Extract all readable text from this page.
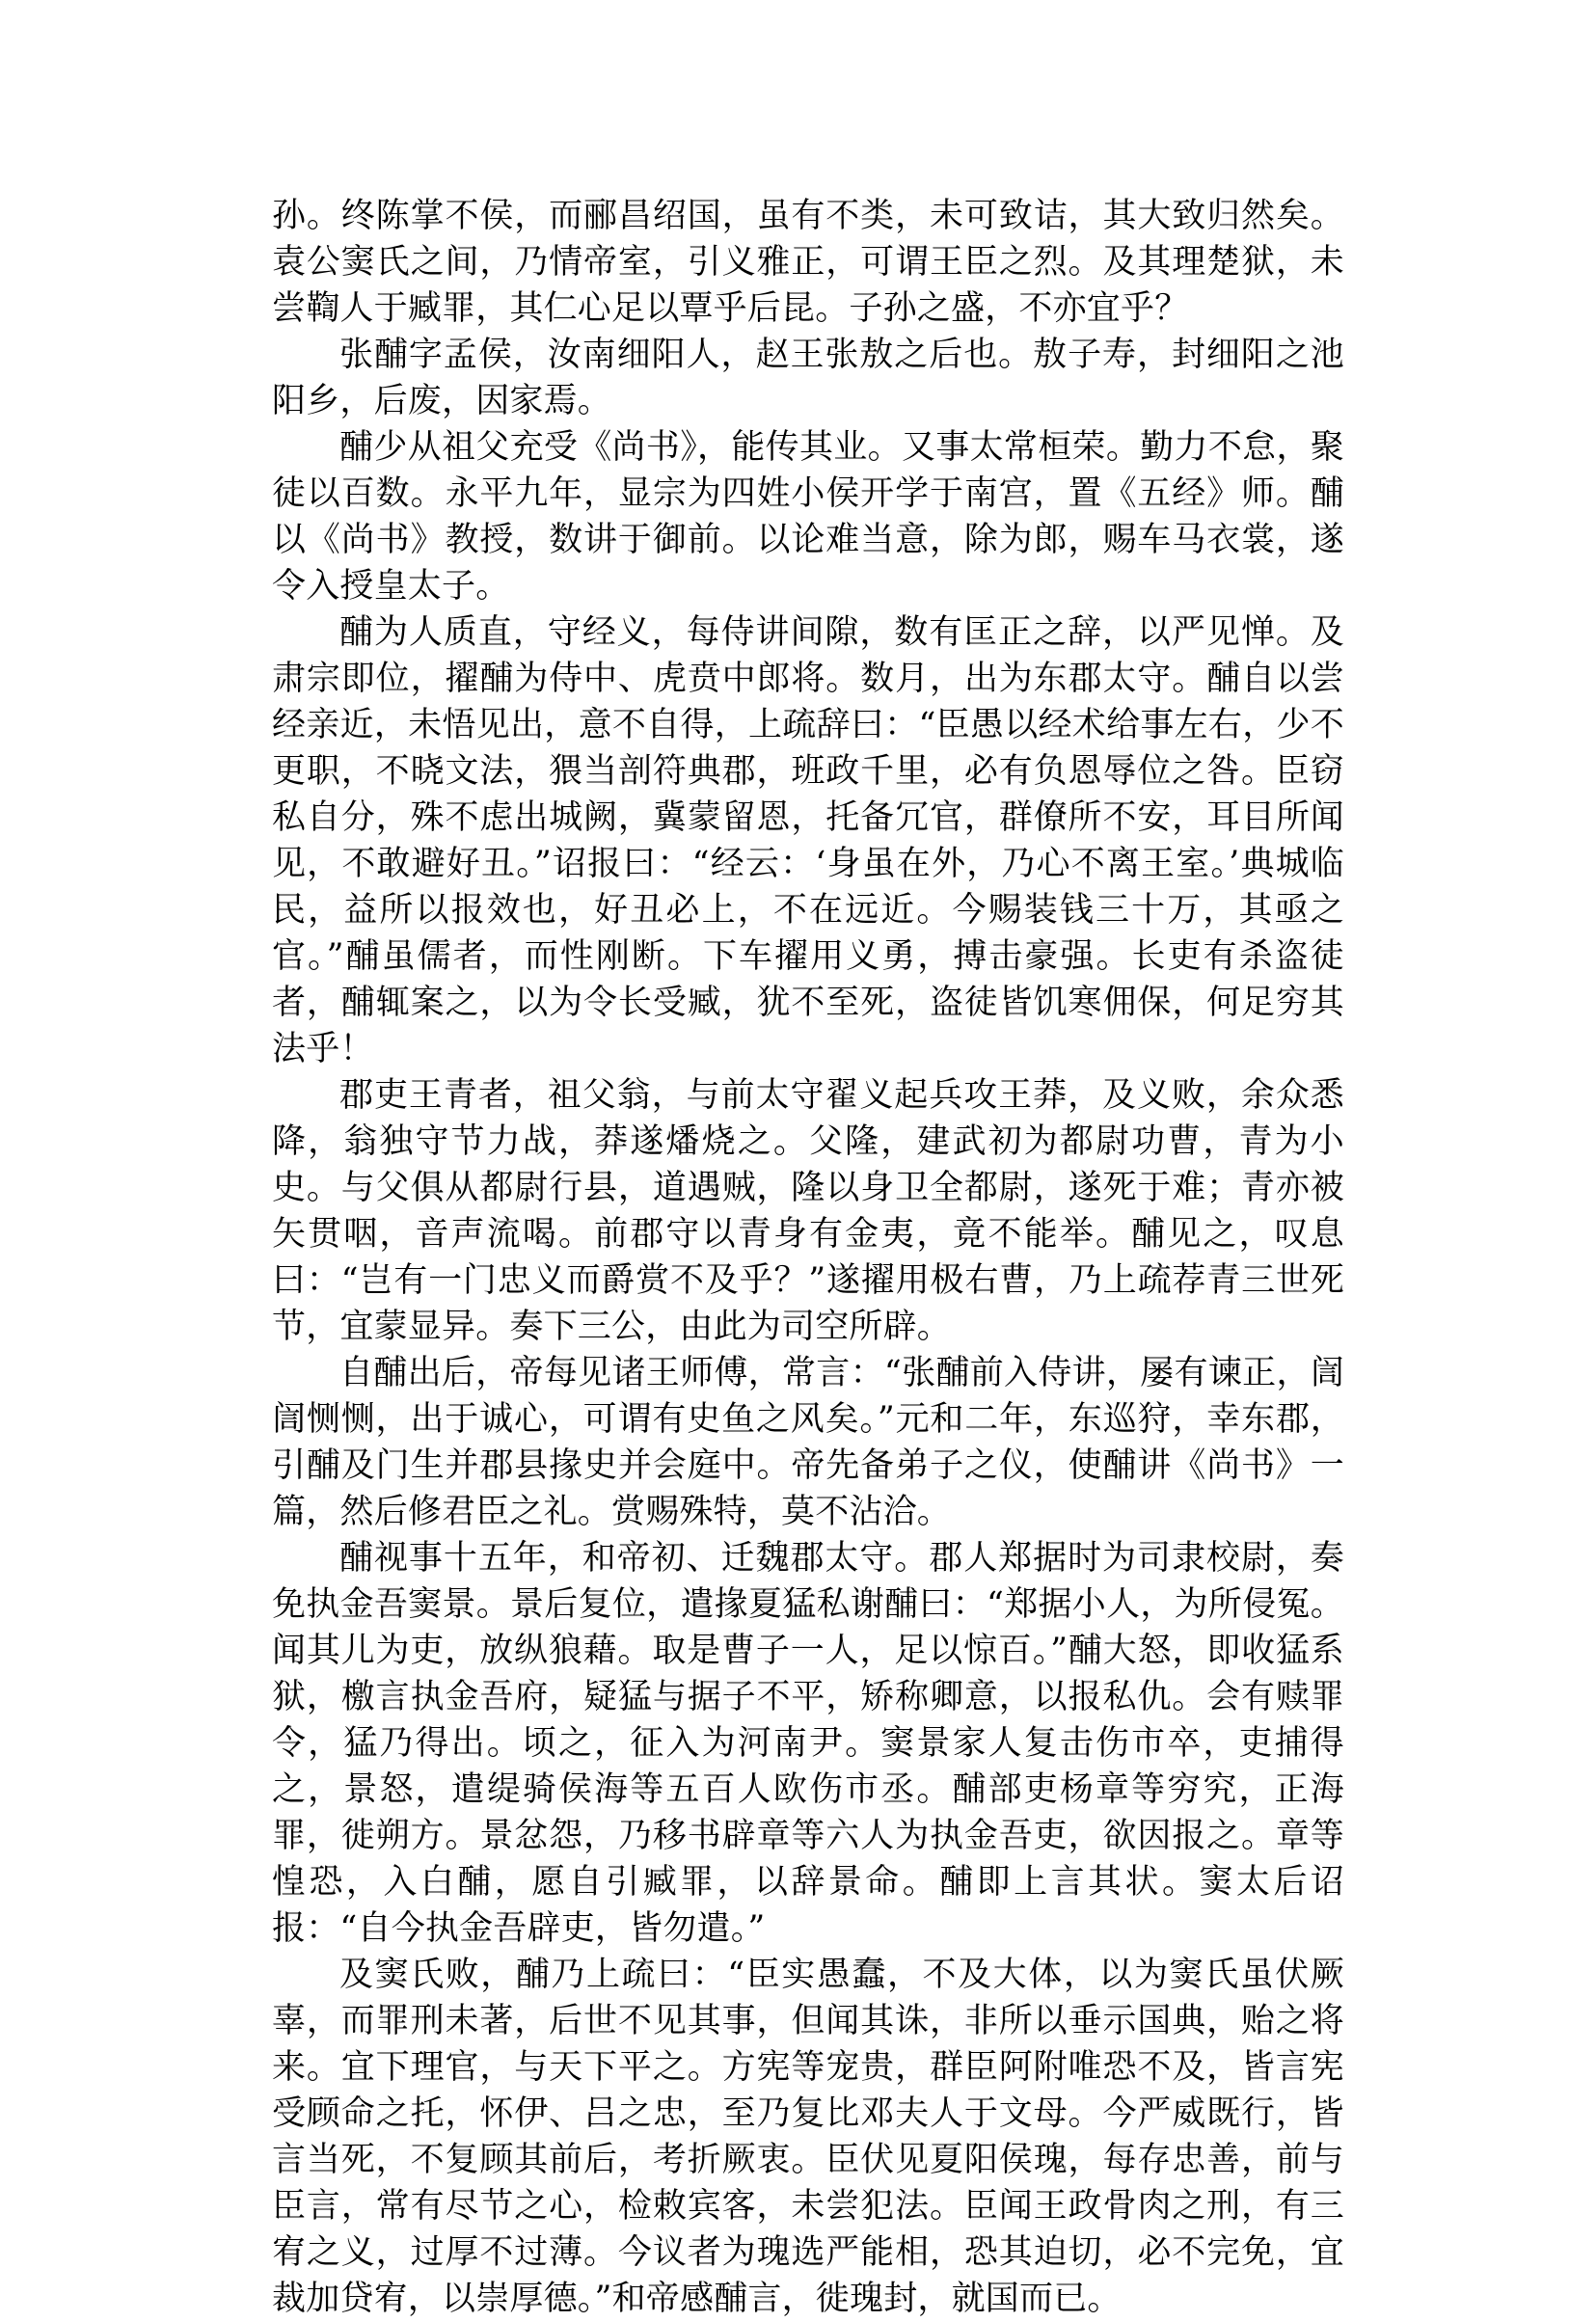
孙。终陈掌不侯，而郦昌绍国，虽有不类，未可致诘，其大致归然矣。袁公窦氏之间，乃情帝室，引义雅正，可谓王臣之烈。及其理楚狱，未尝鞫人于臧罪，其仁心足以覃乎后昆。子孙之盛，不亦宜乎？

张酺字孟侯，汝南细阳人，赵王张敖之后也。敖子寿，封细阳之池阳乡，后废，因家焉。

酺少从祖父充受《尚书》，能传其业。又事太常桓荣。勤力不怠，聚徒以百数。永平九年，显宗为四姓小侯开学于南宫，置《五经》师。酺以《尚书》教授，数讲于御前。以论难当意，除为郎，赐车马衣裳，遂令入授皇太子。

酺为人质直，守经义，每侍讲间隙，数有匡正之辞，以严见惮。及肃宗即位，擢酺为侍中、虎贲中郎将。数月，出为东郡太守。酺自以尝经亲近，未悟见出，意不自得，上疏辞曰：“臣愚以经术给事左右，少不更职，不晓文法，猥当剖符典郡，班政千里，必有负恩辱位之咎。臣窃私自分，殊不虑出城阙，冀蒙留恩，托备冗官，群僚所不安，耳目所闻见，不敢避好丑。”诏报曰：“经云：‘身虽在外，乃心不离王室。’典城临民，益所以报效也，好丑必上，不在远近。今赐装钱三十万，其亟之官。”酺虽儒者，而性刚断。下车擢用义勇，搏击豪强。长吏有杀盗徒者，酺辄案之，以为令长受臧，犹不至死，盗徒皆饥寒佣保，何足穷其法乎！

郡吏王青者，祖父翁，与前太守翟义起兵攻王莽，及义败，余众悉降，翁独守节力战，莽遂燔烧之。父隆，建武初为都尉功曹，青为小史。与父俱从都尉行县，道遇贼，隆以身卫全都尉，遂死于难；青亦被矢贯咽，音声流喝。前郡守以青身有金夷，竟不能举。酺见之，叹息曰：“岂有一门忠义而爵赏不及乎？”遂擢用极右曹，乃上疏荐青三世死节，宜蒙显异。奏下三公，由此为司空所辟。

自酺出后，帝每见诸王师傅，常言：“张酺前入侍讲，屡有谏正，訚訚恻恻，出于诚心，可谓有史鱼之风矣。”元和二年，东巡狩，幸东郡，引酺及门生并郡县掾史并会庭中。帝先备弟子之仪，使酺讲《尚书》一篇，然后修君臣之礼。赏赐殊特，莫不沾洽。

酺视事十五年，和帝初、迁魏郡太守。郡人郑据时为司隶校尉，奏免执金吾窦景。景后复位，遣掾夏猛私谢酺曰：“郑据小人，为所侵冤。闻其儿为吏，放纵狼藉。取是曹子一人，足以惊百。”酺大怒，即收猛系狱，檄言执金吾府，疑猛与据子不平，矫称卿意，以报私仇。会有赎罪令，猛乃得出。顷之，征入为河南尹。窦景家人复击伤市卒，吏捕得之，景怒，遣缇骑侯海等五百人欧伤市丞。酺部吏杨章等穷究，正海罪，徙朔方。景忿怨，乃移书辟章等六人为执金吾吏，欲因报之。章等惶恐，入白酺，愿自引臧罪，以辞景命。酺即上言其状。窦太后诏报：“自今执金吾辟吏，皆勿遣。”

及窦氏败，酺乃上疏曰：“臣实愚蠢，不及大体，以为窦氏虽伏厥辜，而罪刑未著，后世不见其事，但闻其诛，非所以垂示国典，贻之将来。宜下理官，与天下平之。方宪等宠贵，群臣阿附唯恐不及，皆言宪受顾命之托，怀伊、吕之忠，至乃复比邓夫人于文母。今严威既行，皆言当死，不复顾其前后，考折厥衷。臣伏见夏阳侯瑰，每存忠善，前与臣言，常有尽节之心，检敕宾客，未尝犯法。臣闻王政骨肉之刑，有三宥之义，过厚不过薄。今议者为瑰选严能相，恐其迫切，必不完免，宜裁加贷宥，以崇厚德。”和帝感酺言，徙瑰封，就国而已。
